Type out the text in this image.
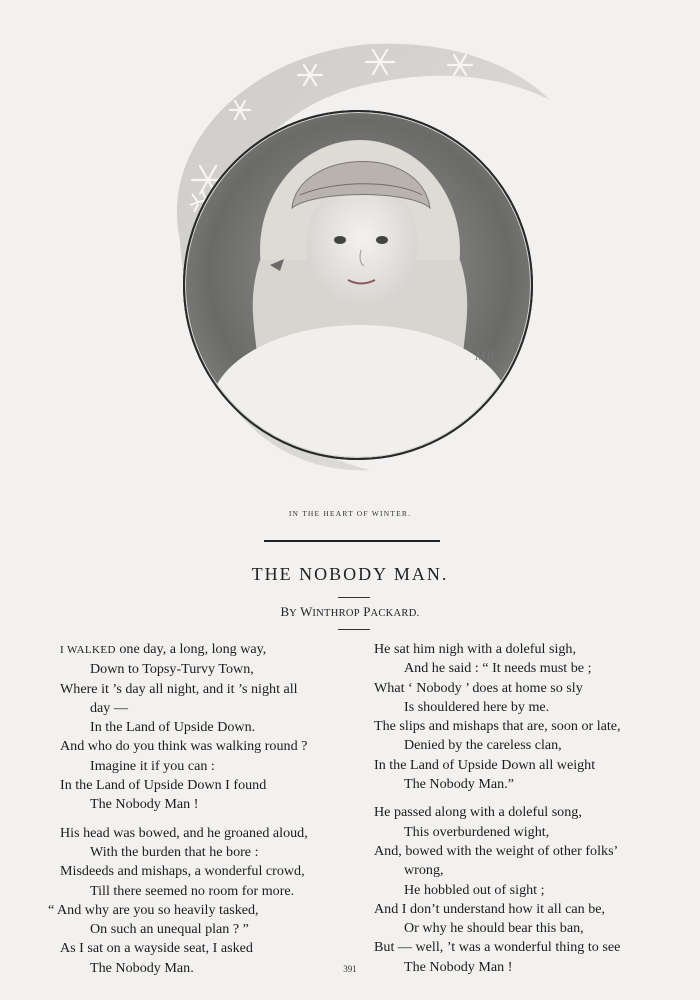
MB
IN THE HEART OF WINTER.
THE NOBODY MAN.
BY WINTHROP PACKARD.
I WALKED one day, a long, long way,
Down to Topsy-Turvy Town,
Where it ’s day all night, and it ’s night all
day —
In the Land of Upside Down.
And who do you think was walking round ?
Imagine it if you can :
In the Land of Upside Down I found
The Nobody Man !
His head was bowed, and he groaned aloud,
With the burden that he bore :
Misdeeds and mishaps, a wonderful crowd,
Till there seemed no room for more.
“ And why are you so heavily tasked,
On such an unequal plan ? ”
As I sat on a wayside seat, I asked
The Nobody Man.
He sat him nigh with a doleful sigh,
And he said : “ It needs must be ;
What ‘ Nobody ’ does at home so sly
Is shouldered here by me.
The slips and mishaps that are, soon or late,
Denied by the careless clan,
In the Land of Upside Down all weight
The Nobody Man.”
He passed along with a doleful song,
This overburdened wight,
And, bowed with the weight of other folks’
wrong,
He hobbled out of sight ;
And I don’t understand how it all can be,
Or why he should bear this ban,
But — well, ’t was a wonderful thing to see
The Nobody Man !
391
